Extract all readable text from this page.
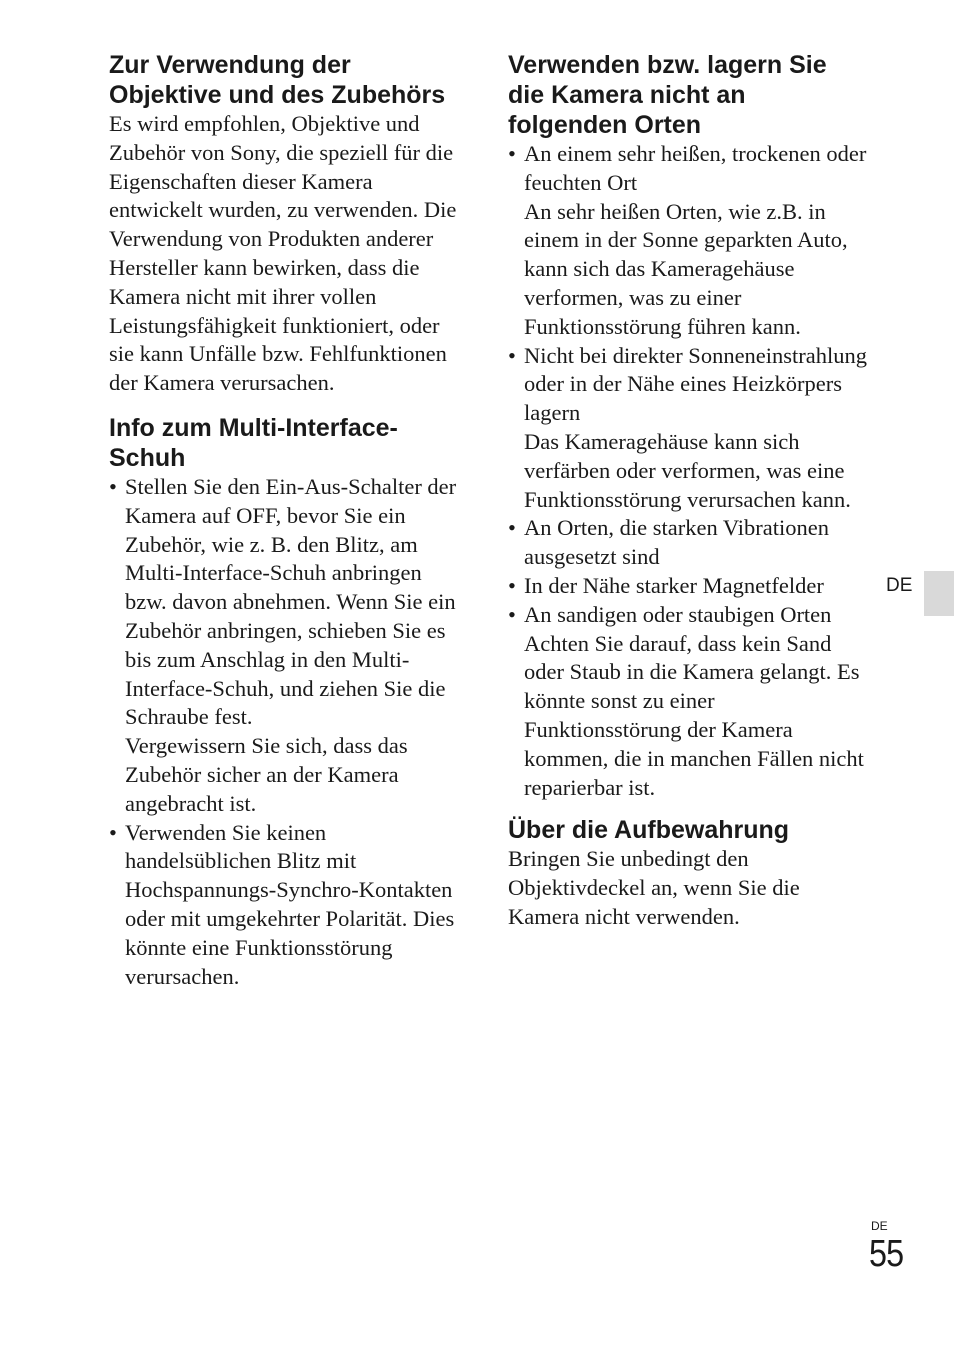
Zur Verwendung der Objektive und des Zubehörs

Es wird empfohlen, Objektive und Zubehör von Sony, die speziell für die Eigenschaften dieser Kamera entwickelt wurden, zu verwenden. Die Verwendung von Produkten anderer Hersteller kann bewirken, dass die Kamera nicht mit ihrer vollen Leistungsfähigkeit funktioniert, oder sie kann Unfälle bzw. Fehlfunktionen der Kamera verursachen.

Info zum Multi-Interface-Schuh
• Stellen Sie den Ein-Aus-Schalter der Kamera auf OFF, bevor Sie ein Zubehör, wie z. B. den Blitz, am Multi-Interface-Schuh anbringen bzw. davon abnehmen. Wenn Sie ein Zubehör anbringen, schieben Sie es bis zum Anschlag in den Multi-Interface-Schuh, und ziehen Sie die Schraube fest.
Vergewissern Sie sich, dass das Zubehör sicher an der Kamera angebracht ist.
• Verwenden Sie keinen handelsüblichen Blitz mit Hochspannungs-Synchro-Kontakten oder mit umgekehrter Polarität. Dies könnte eine Funktionsstörung verursachen.
Verwenden bzw. lagern Sie die Kamera nicht an folgenden Orten
• An einem sehr heißen, trockenen oder feuchten Ort
An sehr heißen Orten, wie z.B. in einem in der Sonne geparkten Auto, kann sich das Kameragehäuse verformen, was zu einer Funktionsstörung führen kann.
• Nicht bei direkter Sonneneinstrahlung oder in der Nähe eines Heizkörpers lagern
Das Kameragehäuse kann sich verfärben oder verformen, was eine Funktionsstörung verursachen kann.
• An Orten, die starken Vibrationen ausgesetzt sind
• In der Nähe starker Magnetfelder
• An sandigen oder staubigen Orten
Achten Sie darauf, dass kein Sand oder Staub in die Kamera gelangt. Es könnte sonst zu einer Funktionsstörung der Kamera kommen, die in manchen Fällen nicht reparierbar ist.
Über die Aufbewahrung

Bringen Sie unbedingt den Objektivdeckel an, wenn Sie die Kamera nicht verwenden.

DE
DE
55
